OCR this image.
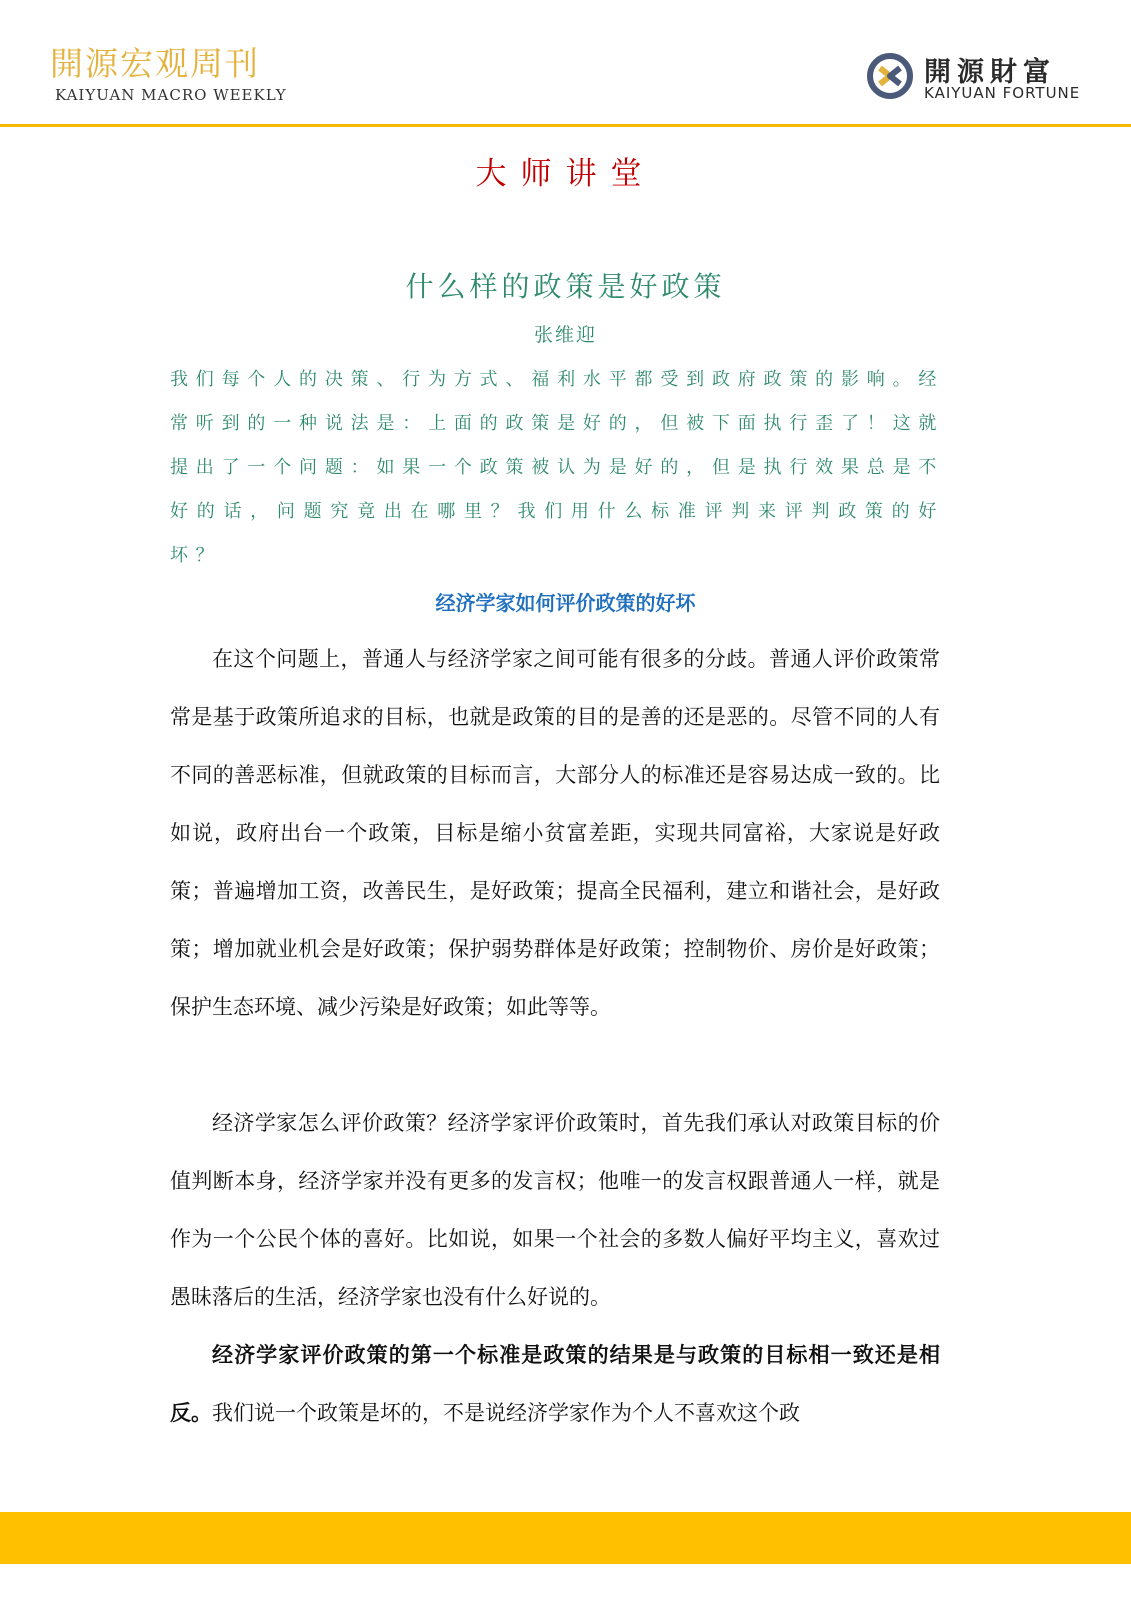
開源宏观周刊
KAIYUAN MACRO WEEKLY
開源財富
KAIYUAN FORTUNE
大师讲堂
什么样的政策是好政策
张维迎
我们每个人的决策、行为方式、福利水平都受到政府政策的影响。经常听到的一种说法是：上面的政策是好的，但被下面执行歪了！这就提出了一个问题：如果一个政策被认为是好的，但是执行效果总是不好的话，问题究竟出在哪里？我们用什么标准评判来评判政策的好坏？
经济学家如何评价政策的好坏

在这个问题上，普通人与经济学家之间可能有很多的分歧。普通人评价政策常常是基于政策所追求的目标，也就是政策的目的是善的还是恶的。尽管不同的人有不同的善恶标准，但就政策的目标而言，大部分人的标准还是容易达成一致的。比如说，政府出台一个政策，目标是缩小贫富差距，实现共同富裕，大家说是好政策；普遍增加工资，改善民生，是好政策；提高全民福利，建立和谐社会，是好政策；增加就业机会是好政策；保护弱势群体是好政策；控制物价、房价是好政策；保护生态环境、减少污染是好政策；如此等等。

经济学家怎么评价政策？经济学家评价政策时，首先我们承认对政策目标的价值判断本身，经济学家并没有更多的发言权；他唯一的发言权跟普通人一样，就是作为一个公民个体的喜好。比如说，如果一个社会的多数人偏好平均主义，喜欢过愚昧落后的生活，经济学家也没有什么好说的。

经济学家评价政策的第一个标准是政策的结果是与政策的目标相一致还是相反。我们说一个政策是坏的，不是说经济学家作为个人不喜欢这个政
